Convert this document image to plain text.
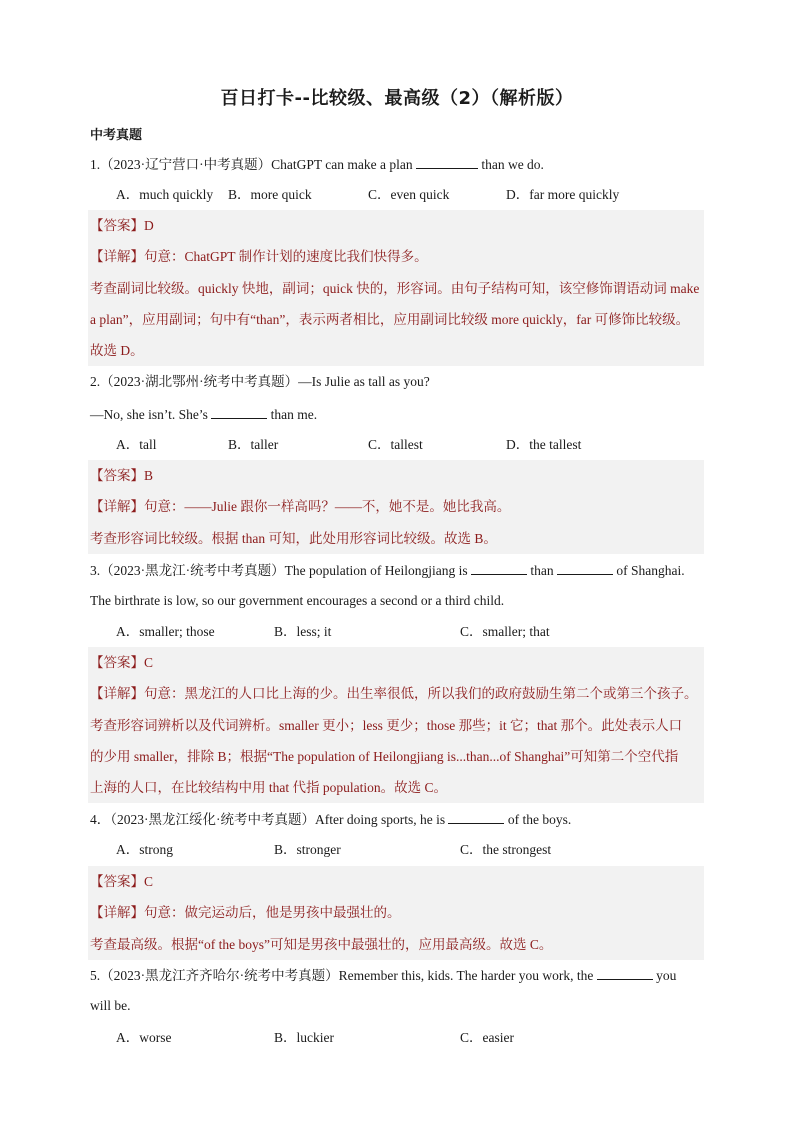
百日打卡--比较级、最高级（2）（解析版）
中考真题
1.（2023·辽宁营口·中考真题）ChatGPT can make a plan	than we do.
A．much quickly B．more quick	C．even quick	D．far more quickly
【答案】D
【详解】句意：ChatGPT 制作计划的速度比我们快得多。
考查副词比较级。quickly 快地，副词；quick 快的，形容词。由句子结构可知，该空修饰谓语动词 make
a plan”，应用副词；句中有“than”，表示两者相比，应用副词比较级 more quickly，far 可修饰比较级。
故选 D。
2.（2023·湖北鄂州·统考中考真题）—Is Julie as tall as you?
—No, she isn’t. She’s	than me.
A．tall	B．taller	C．tallest	D．the tallest
【答案】B
【详解】句意：——Julie 跟你一样高吗？——不，她不是。她比我高。
考查形容词比较级。根据 than 可知，此处用形容词比较级。故选 B。
3.（2023·黑龙江·统考中考真题）The population of Heilongjiang is	than	of Shanghai.
The birthrate is low, so our government encourages a second or a third child.
A．smaller; those	B．less; it	C．smaller; that
【答案】C
【详解】句意：黑龙江的人口比上海的少。出生率很低，所以我们的政府鼓励生第二个或第三个孩子。
考查形容词辨析以及代词辨析。smaller 更小；less 更少；those 那些；it 它；that 那个。此处表示人口
的少用 smaller，排除 B；根据“The population of Heilongjiang is...than...of Shanghai”可知第二个空代指
上海的人口，在比较结构中用 that 代指 population。故选 C。
4．（2023·黑龙江绥化·统考中考真题）After doing sports, he is	of the boys.
A．strong	B．stronger	C．the strongest
【答案】C
【详解】句意：做完运动后，他是男孩中最强壮的。
考查最高级。根据“of the boys”可知是男孩中最强壮的，应用最高级。故选 C。
5.（2023·黑龙江齐齐哈尔·统考中考真题）Remember this, kids. The harder you work, the	you
will be.
A．worse	B．luckier	C．easier
